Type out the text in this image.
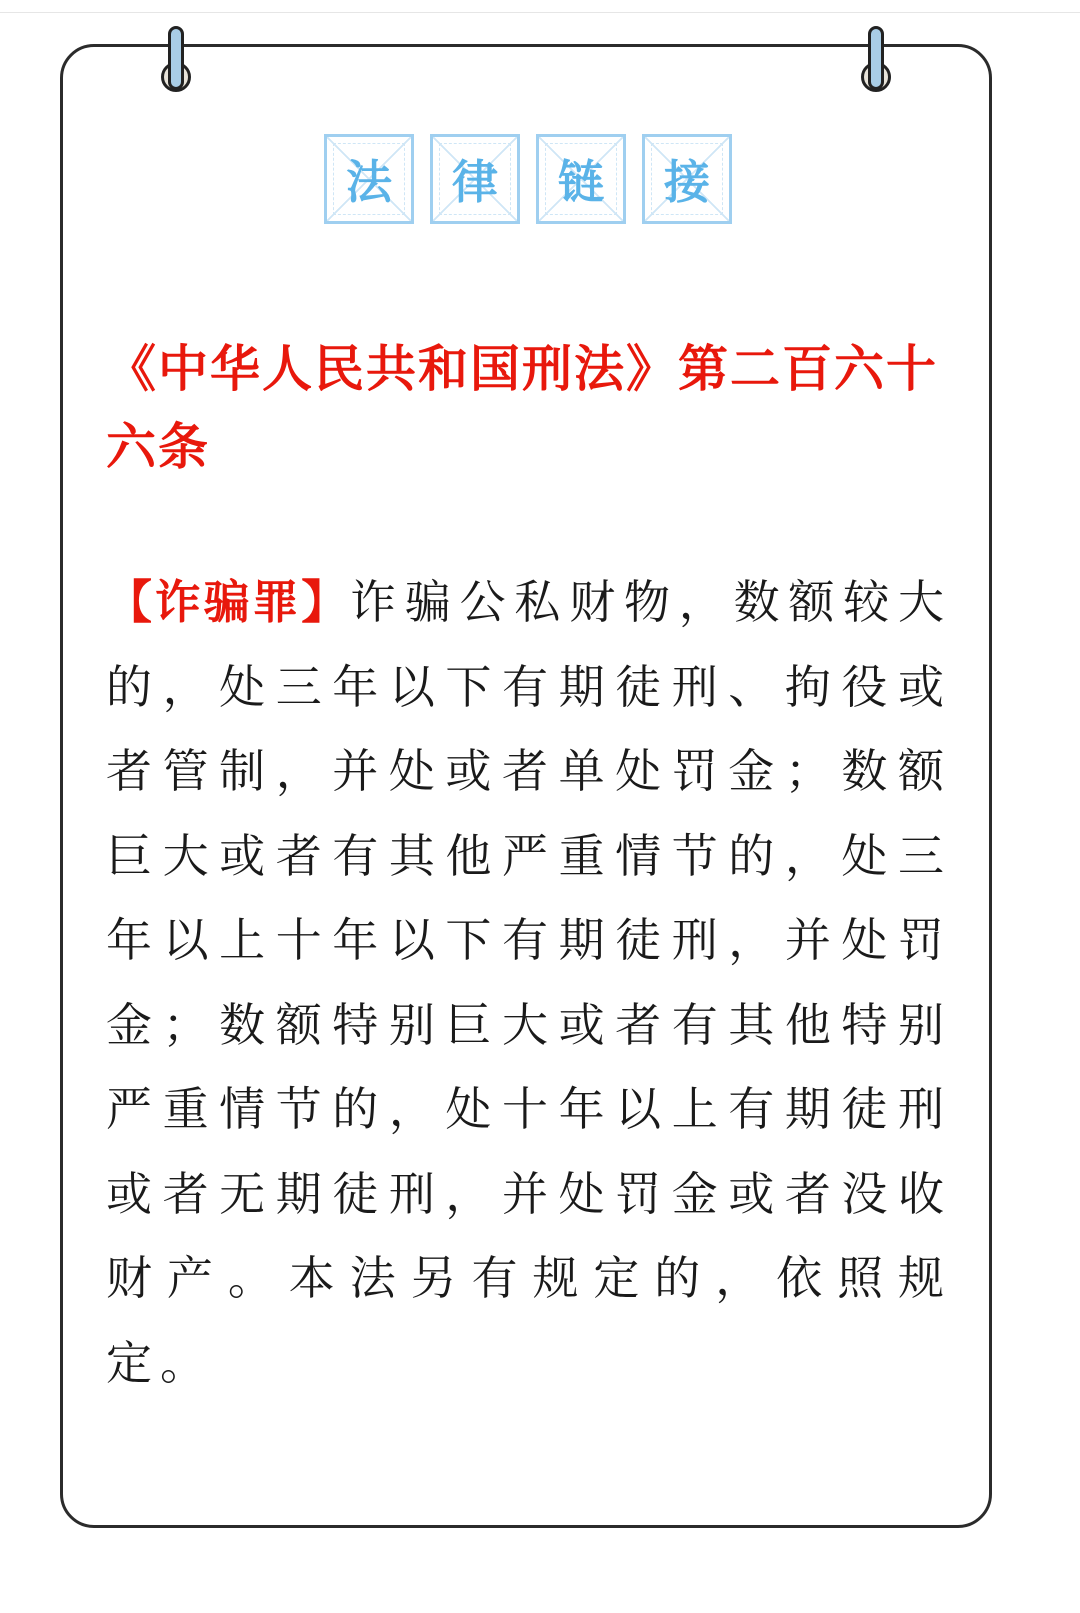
法	律	链	接
《中华人民共和国刑法》第二百六十六条

【诈骗罪】诈骗公私财物，数额较大的，处三年以下有期徒刑、拘役或者管制，并处或者单处罚金；数额巨大或者有其他严重情节的，处三年以上十年以下有期徒刑，并处罚金；数额特别巨大或者有其他特别严重情节的，处十年以上有期徒刑或者无期徒刑，并处罚金或者没收财产。本法另有规定的，依照规定。
